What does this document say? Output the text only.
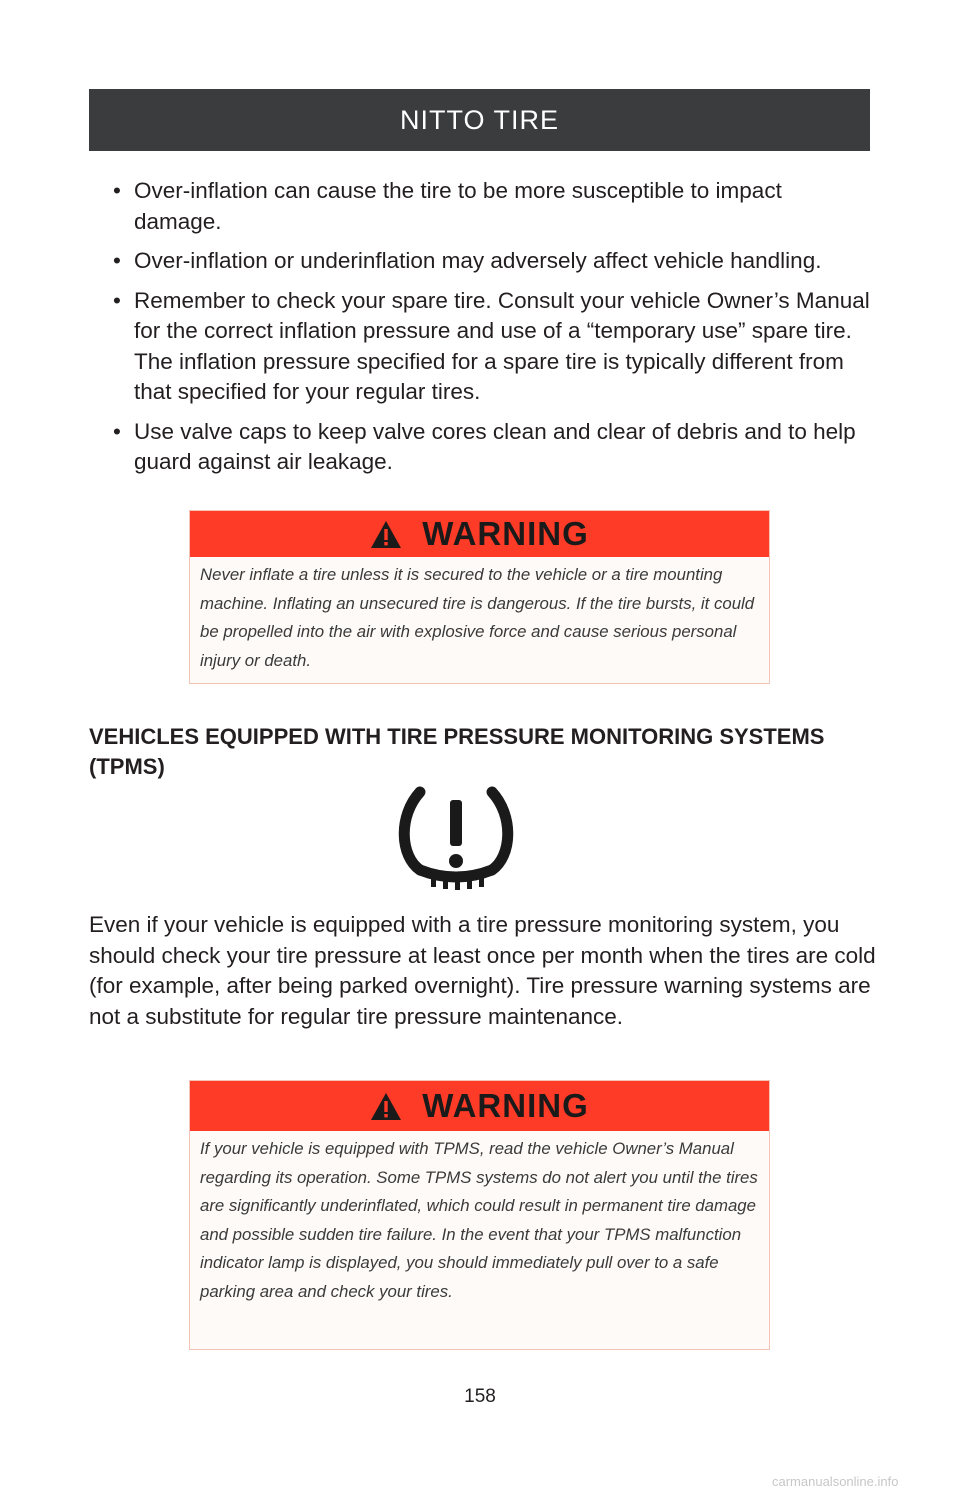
NITTO TIRE
• Over-inflation can cause the tire to be more susceptible to impact damage.
• Over-inflation or underinflation may adversely affect vehicle handling.
• Remember to check your spare tire. Consult your vehicle Owner’s Manual for the correct inflation pressure and use of a “temporary use” spare tire. The inflation pressure specified for a spare tire is typically different from that specified for your regular tires.
• Use valve caps to keep valve cores clean and clear of debris and to help guard against air leakage.
WARNING
Never inflate a tire unless it is secured to the vehicle or a tire mounting machine. Inflating an unsecured tire is dangerous. If the tire bursts, it could be propelled into the air with explosive force and cause serious personal injury or death.
VEHICLES EQUIPPED WITH TIRE PRESSURE MONITORING SYSTEMS (TPMS)
Even if your vehicle is equipped with a tire pressure monitoring system, you should check your tire pressure at least once per month when the tires are cold (for example, after being parked overnight). Tire pressure warning systems are not a substitute for regular tire pressure maintenance.
WARNING
If your vehicle is equipped with TPMS, read the vehicle Owner’s Manual regarding its operation. Some TPMS systems do not alert you until the tires are significantly underinflated, which could result in permanent tire damage and possible sudden tire failure. In the event that your TPMS malfunction indicator lamp is displayed, you should immediately pull over to a safe parking area and check your tires.
158
carmanualsonline.info
